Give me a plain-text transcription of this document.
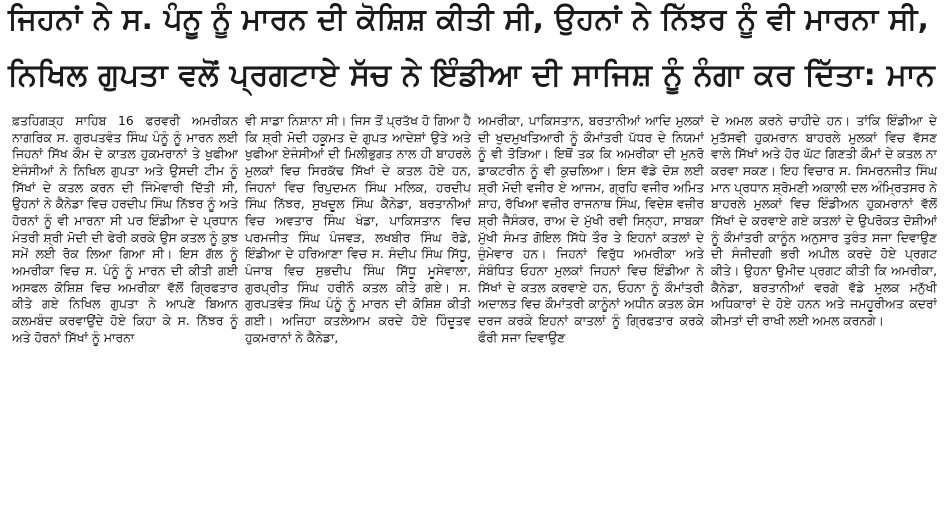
ਜਿਹਨਾਂ ਨੇ ਸ. ਪੰਨੂ ਨੂੰ ਮਾਰਨ ਦੀ ਕੋਸ਼ਿਸ਼ ਕੀਤੀ ਸੀ, ਉਹਨਾਂ ਨੇ ਨਿੱਝਰ ਨੂੰ ਵੀ ਮਾਰਨਾ ਸੀ,
ਨਿਖਿਲ ਗੁਪਤਾ ਵਲੋਂ ਪ੍ਰਗਟਾਏ ਸੱਚ ਨੇ ਇੰਡੀਆ ਦੀ ਸਾਜਿਸ਼ ਨੂੰ ਨੰਗਾ ਕਰ ਦਿੱਤਾ: ਮਾਨ

ਫ਼ਤਹਿਗੜ੍ਹ ਸਾਹਿਬ 16 ਫਰਵਰੀ ਅਮਰੀਕਨ ਨਾਗਰਿਕ ਸ. ਗੁਰਪਤਵੰਤ ਸਿੰਘ ਪੰਨੂੰ ਨੂੰ ਮਾਰਨ ਲਈ ਜਿਹਨਾਂ ਸਿੱਖ ਕੌਮ ਦੇ ਕਾਤਲ ਹੁਕਮਰਾਨਾਂ ਤੇ ਖੁਫੀਆ ਏਜੰਸੀਆਂ ਨੇ ਨਿਖਿਲ ਗੁਪਤਾ ਅਤੇ ਉਸਦੀ ਟੀਮ ਨੂੰ ਸਿੱਖਾਂ ਦੇ ਕਤਲ ਕਰਨ ਦੀ ਜਿੰਮੇਵਾਰੀ ਦਿੱਤੀ ਸੀ, ਉਹਨਾਂ ਨੇ ਕੈਨੇਡਾ ਵਿਚ ਹਰਦੀਪ ਸਿੰਘ ਨਿੱਝਰ ਨੂੰ ਅਤੇ ਹੋਰਨਾਂ ਨੂੰ ਵੀ ਮਾਰਨਾ ਸੀ ਪਰ ਇੰਡੀਆ ਦੇ ਪ੍ਰਧਾਨ ਮੰਤਰੀ ਸ਼੍ਰੀ ਮੋਦੀ ਦੀ ਫੇਰੀ ਕਰਕੇ ਉਸ ਕਤਲ ਨੂੰ ਕੁਝ ਸਮੇਂ ਲਈ ਰੋਕ ਲਿਆ ਗਿਆ ਸੀ। ਇਸ ਗੱਲ ਨੂੰ ਅਮਰੀਕਾ ਵਿਚ ਸ. ਪੰਨੂੰ ਨੂੰ ਮਾਰਨ ਦੀ ਕੀਤੀ ਗਈ ਅਸਫਲ ਕੋਸ਼ਿਸ਼ ਵਿਚ ਅਮਰੀਕਾ ਵੱਲੋਂ ਗ੍ਰਿਫਤਾਰ ਕੀਤੇ ਗਏ ਨਿਖਿਲ ਗੁਪਤਾ ਨੇ ਆਪਣੇ ਬਿਆਨ ਕਲਮਬੰਦ ਕਰਵਾਉਂਦੇ ਹੋਏ ਕਿਹਾ ਕੇ ਸ. ਨਿੱਝਰ ਨੂੰ ਅਤੇ ਹੋਰਨਾਂ ਸਿੱਖਾਂ ਨੂੰ ਮਾਰਨਾ

ਵੀ ਸਾਡਾ ਨਿਸ਼ਾਨਾ ਸੀ। ਜਿਸ ਤੋਂ ਪ੍ਰਤੱਖ ਹੋ ਗਿਆ ਹੈ ਕਿ ਸ਼੍ਰੀ ਮੋਦੀ ਹਕੂਮਤ ਦੇ ਗੁਪਤ ਆਦੇਸ਼ਾਂ ਉਤੇ ਅਤੇ ਖੁਫੀਆ ਏਜੰਸੀਆਂ ਦੀ ਮਿਲੀਭੁਗਤ ਨਾਲ ਹੀ ਬਾਹਰਲੇ ਮੁਲਕਾਂ ਵਿਚ ਸਿਰਕੱਢ ਸਿੱਖਾਂ ਦੇ ਕਤਲ ਹੋਏ ਹਨ, ਜਿਹਨਾਂ ਵਿਚ ਰਿਪੁਦਮਨ ਸਿੰਘ ਮਲਿਕ, ਹਰਦੀਪ ਸਿੰਘ ਨਿੱਝਰ, ਸੁਖਦੂਲ ਸਿੰਘ ਕੈਨੇਡਾ, ਬਰਤਾਨੀਆਂ ਵਿਚ ਅਵਤਾਰ ਸਿੰਘ ਖੰਡਾ, ਪਾਕਿਸਤਾਨ ਵਿਚ ਪਰਮਜੀਤ ਸਿੰਘ ਪੰਜਵੜ, ਲਖਬੀਰ ਸਿੰਘ ਰੋਡੇ, ਇੰਡੀਆ ਦੇ ਹਰਿਆਣਾ ਵਿਚ ਸ. ਸੰਦੀਪ ਸਿੰਘ ਸਿੱਧੂ, ਪੰਜਾਬ ਵਿਚ ਸੁਭਦੀਪ ਸਿੰਘ ਸਿੱਧੂ ਮੂਸੇਵਾਲਾ, ਗੁਰਪ੍ਰੀਤ ਸਿੰਘ ਹਰੀਨੌ ਕਤਲ ਕੀਤੇ ਗਏ। ਸ. ਗੁਰਪਤਵੰਤ ਸਿੰਘ ਪੰਨੂੰ ਨੂੰ ਮਾਰਨ ਦੀ ਕੋਸ਼ਿਸ਼ ਕੀਤੀ ਗਈ। ਅਜਿਹਾ ਕਤਲੇਆਮ ਕਰਦੇ ਹੋਏ ਹਿੰਦੂਤਵ ਹੁਕਮਰਾਨਾਂ ਨੇ ਕੈਨੇਡਾ,

ਅਮਰੀਕਾ, ਪਾਕਿਸਤਾਨ, ਬਰਤਾਨੀਆਂ ਆਦਿ ਮੁਲਕਾਂ ਦੀ ਖੁਦਮੁਖਤਿਆਰੀ ਨੂੰ ਕੌਮਾਂਤਰੀ ਪੱਧਰ ਦੇ ਨਿਯਮਾਂ ਨੂੰ ਵੀ ਤੋੜਿਆ। ਇਥੋਂ ਤਕ ਕਿ ਅਮਰੀਕਾ ਦੀ ਮੁਨਰੋ ਡਾਕਟਰੀਨ ਨੂੰ ਵੀ ਕੁਚਲਿਆ। ਇਸ ਵੱਡੇ ਦੋਸ਼ ਲਈ ਸ਼੍ਰੀ ਮੋਦੀ ਵਜੀਰ ਏ ਆਜਮ, ਗ੍ਰਹਿ ਵਜੀਰ ਅਮਿਤ ਸ਼ਾਹ, ਰੱਖਿਆ ਵਜ਼ੀਰ ਰਾਜਨਾਥ ਸਿੰਘ, ਵਿਦੇਸ਼ ਵਜ਼ੀਰ ਸ਼੍ਰੀ ਜੈਸੰਕਰ, ਰਾਅ ਦੇ ਮੁੱਖੀ ਰਵੀ ਸਿਨ੍ਹਾ, ਸਾਬਕਾ ਮੁੱਖੀ ਸੰਮਤ ਗੋਇਲ ਸਿੱਧੇ ਤੌਰ ਤੇ ਇਹਨਾਂ ਕਤਲਾਂ ਦੇ ਜ਼ੁੰਮੇਵਾਰ ਹਨ। ਜਿਹਨਾਂ ਵਿਰੁੱਧ ਅਮਰੀਕਾ ਅਤੇ ਸੰਬੰਧਿਤ ਓਹਨਾ ਮੁਲਕਾਂ ਜਿਹਨਾਂ ਵਿਚ ਇੰਡੀਆ ਨੇ ਸਿੱਖਾਂ ਦੇ ਕਤਲ ਕਰਵਾਏ ਹਨ, ਓਹਨਾ ਨੂੰ ਕੌਮਾਂਤਰੀ ਅਦਾਲਤ ਵਿਚ ਕੌਮਾਂਤਰੀ ਕਾਨੂੰਨਾਂ ਅਧੀਨ ਕਤਲ ਕੇਸ ਦਰਜ ਕਰਕੇ ਇਹਨਾਂ ਕਾਤਲਾਂ ਨੂੰ ਗ੍ਰਿਫਤਾਰ ਕਰਕੇ ਫੌਰੀ ਸਜਾ ਦਿਵਾਉਣ

ਦੇ ਅਮਲ ਕਰਨੇ ਚਾਹੀਦੇ ਹਨ। ਤਾਂਕਿ ਇੰਡੀਆ ਦੇ ਮੁਤੱਸਵੀ ਹੁਕਮਰਾਨ ਬਾਹਰਲੇ ਮੁਲਕਾਂ ਵਿਚ ਵੱਸਣ ਵਾਲੇ ਸਿੱਖਾਂ ਅਤੇ ਹੋਰ ਘੱਟ ਗਿਣਤੀ ਕੌਮਾਂ ਦੇ ਕਤਲ ਨਾ ਕਰਵਾ ਸਕਣ। ਇਹ ਵਿਚਾਰ ਸ. ਸਿਮਰਨਜੀਤ ਸਿੰਘ ਮਾਨ ਪ੍ਰਧਾਨ ਸ਼੍ਰੋਮਣੀ ਅਕਾਲੀ ਦਲ ਅੰਮ੍ਰਿਤਸਰ ਨੇ ਬਾਹਰਲੇ ਮੁਲਕਾਂ ਵਿਚ ਇੰਡੀਅਨ ਹੁਕਮਰਾਨਾਂ ਵੱਲੋਂ ਸਿੱਖਾਂ ਦੇ ਕਰਵਾਏ ਗਏ ਕਤਲਾਂ ਦੇ ਉਪਰੋਕਤ ਦੋਸ਼ੀਆਂ ਨੂੰ ਕੌਮਾਂਤਰੀ ਕਾਨੂੰਨ ਅਨੁਸਾਰ ਤੁਰੰਤ ਸਜਾ ਦਿਵਾਉਣ ਦੀ ਸੰਜੀਦਗੀ ਭਰੀ ਅਪੀਲ ਕਰਦੇ ਹੋਏ ਪ੍ਰਗਟ ਕੀਤੇ। ਉਹਨਾ ਉਮੀਦ ਪ੍ਰਗਟ ਕੀਤੀ ਕਿ ਅਮਰੀਕਾ, ਕੈਨੇਡਾ, ਬਰਤਾਨੀਆਂ ਵਰਗੇ ਵੱਡੇ ਮੁਲਕ ਮਨੁੱਖੀ ਅਧਿਕਾਰਾਂ ਦੇ ਹੋਏ ਹਨਨ ਅਤੇ ਜਮਹੂਰੀਅਤ ਕਦਰਾਂ ਕੀਮਤਾਂ ਦੀ ਰਾਖੀ ਲਈ ਅਮਲ ਕਰਨਗੇ।
